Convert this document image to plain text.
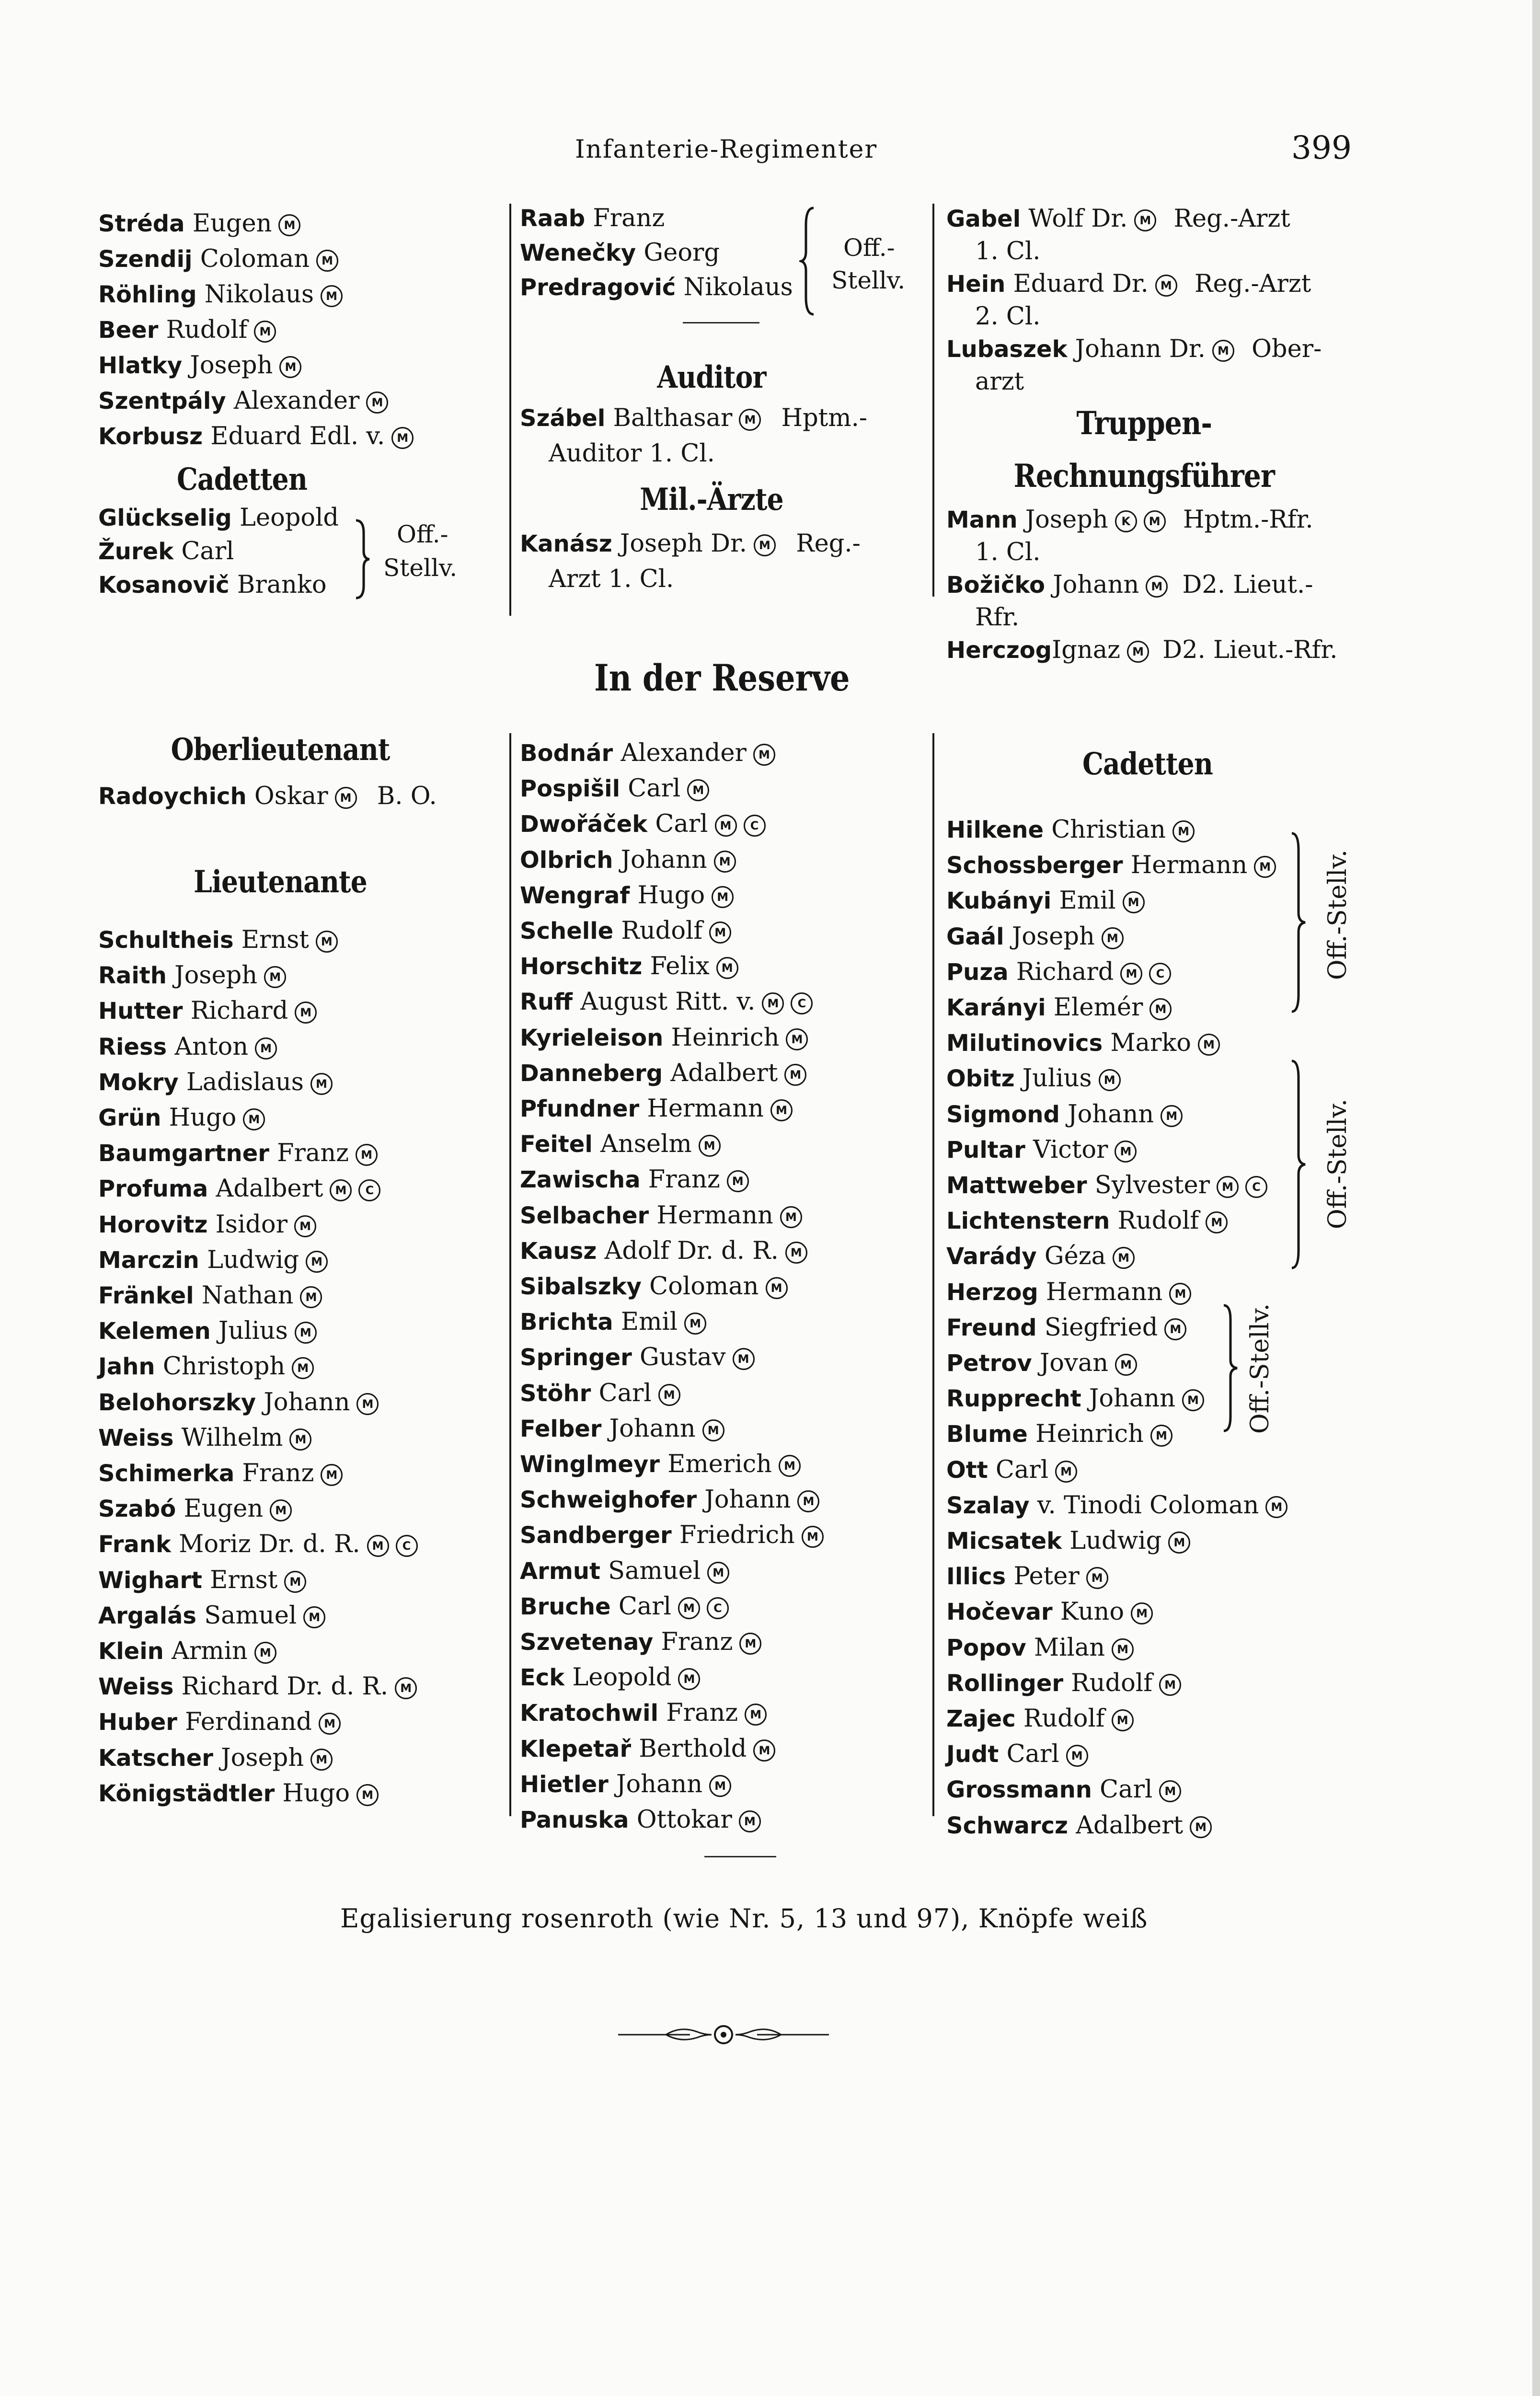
Infanterie-Regimenter	399
Stréda Eugen M
Szendij Coloman M
Röhling Nikolaus M
Beer Rudolf M
Hlatky Joseph M
Szentpály Alexander M
Korbusz Eduard Edl. v. M
Cadetten
Glückselig Leopold
Žurek Carl
Kosanovič Branko
Off.-
Stellv.
Raab Franz
Wenečky Georg
Predragović Nikolaus
Off.-
Stellv.
Auditor
Szábel Balthasar M Hptm.-
Auditor 1. Cl.
Mil.-Ärzte
Kanász Joseph Dr. M Reg.-
Arzt 1. Cl.
Gabel Wolf Dr. M Reg.-Arzt
1. Cl.
Hein Eduard Dr. M Reg.-Arzt
2. Cl.
Lubaszek Johann Dr. M Ober-
arzt
Truppen-Rechnungsführer
Mann Joseph K M Hptm.-Rfr.
1. Cl.
Božičko Johann M D2. Lieut.-
Rfr.
HerczogIgnaz M D2. Lieut.-Rfr.
In der Reserve
Oberlieutenant
Radoychich Oskar M B. O.
Lieutenante
Schultheis Ernst M
Raith Joseph M
Hutter Richard M
Riess Anton M
Mokry Ladislaus M
Grün Hugo M
Baumgartner Franz M
Profuma Adalbert M C
Horovitz Isidor M
Marczin Ludwig M
Fränkel Nathan M
Kelemen Julius M
Jahn Christoph M
Belohorszky Johann M
Weiss Wilhelm M
Schimerka Franz M
Szabó Eugen M
Frank Moriz Dr. d. R. M C
Wighart Ernst M
Argalás Samuel M
Klein Armin M
Weiss Richard Dr. d. R. M
Huber Ferdinand M
Katscher Joseph M
Königstädtler Hugo M
Bodnár Alexander M
Pospišil Carl M
Dwořáček Carl M C
Olbrich Johann M
Wengraf Hugo M
Schelle Rudolf M
Horschitz Felix M
Ruff August Ritt. v. M C
Kyrieleison Heinrich M
Danneberg Adalbert M
Pfundner Hermann M
Feitel Anselm M
Zawischa Franz M
Selbacher Hermann M
Kausz Adolf Dr. d. R. M
Sibalszky Coloman M
Brichta Emil M
Springer Gustav M
Stöhr Carl M
Felber Johann M
Winglmeyr Emerich M
Schweighofer Johann M
Sandberger Friedrich M
Armut Samuel M
Bruche Carl M C
Szvetenay Franz M
Eck Leopold M
Kratochwil Franz M
Klepetař Berthold M
Hietler Johann M
Panuska Ottokar M
Cadetten
Hilkene Christian M
Schossberger Hermann M
Kubányi Emil M
Gaál Joseph M
Puza Richard M C
Karányi Elemér M
Milutinovics Marko M
Obitz Julius M
Sigmond Johann M
Pultar Victor M
Mattweber Sylvester M C
Lichtenstern Rudolf M
Varády Géza M
Herzog Hermann M
Freund Siegfried M
Petrov Jovan M
Rupprecht Johann M
Blume Heinrich M
Ott Carl M
Szalay v. Tinodi Coloman M
Micsatek Ludwig M
Illics Peter M
Hočevar Kuno M
Popov Milan M
Rollinger Rudolf M
Zajec Rudolf M
Judt Carl M
Grossmann Carl M
Schwarcz Adalbert M
Off.-Stellv.
Off.-Stellv.
Off.-Stellv.
Egalisierung rosenroth (wie Nr. 5, 13 und 97), Knöpfe weiß
